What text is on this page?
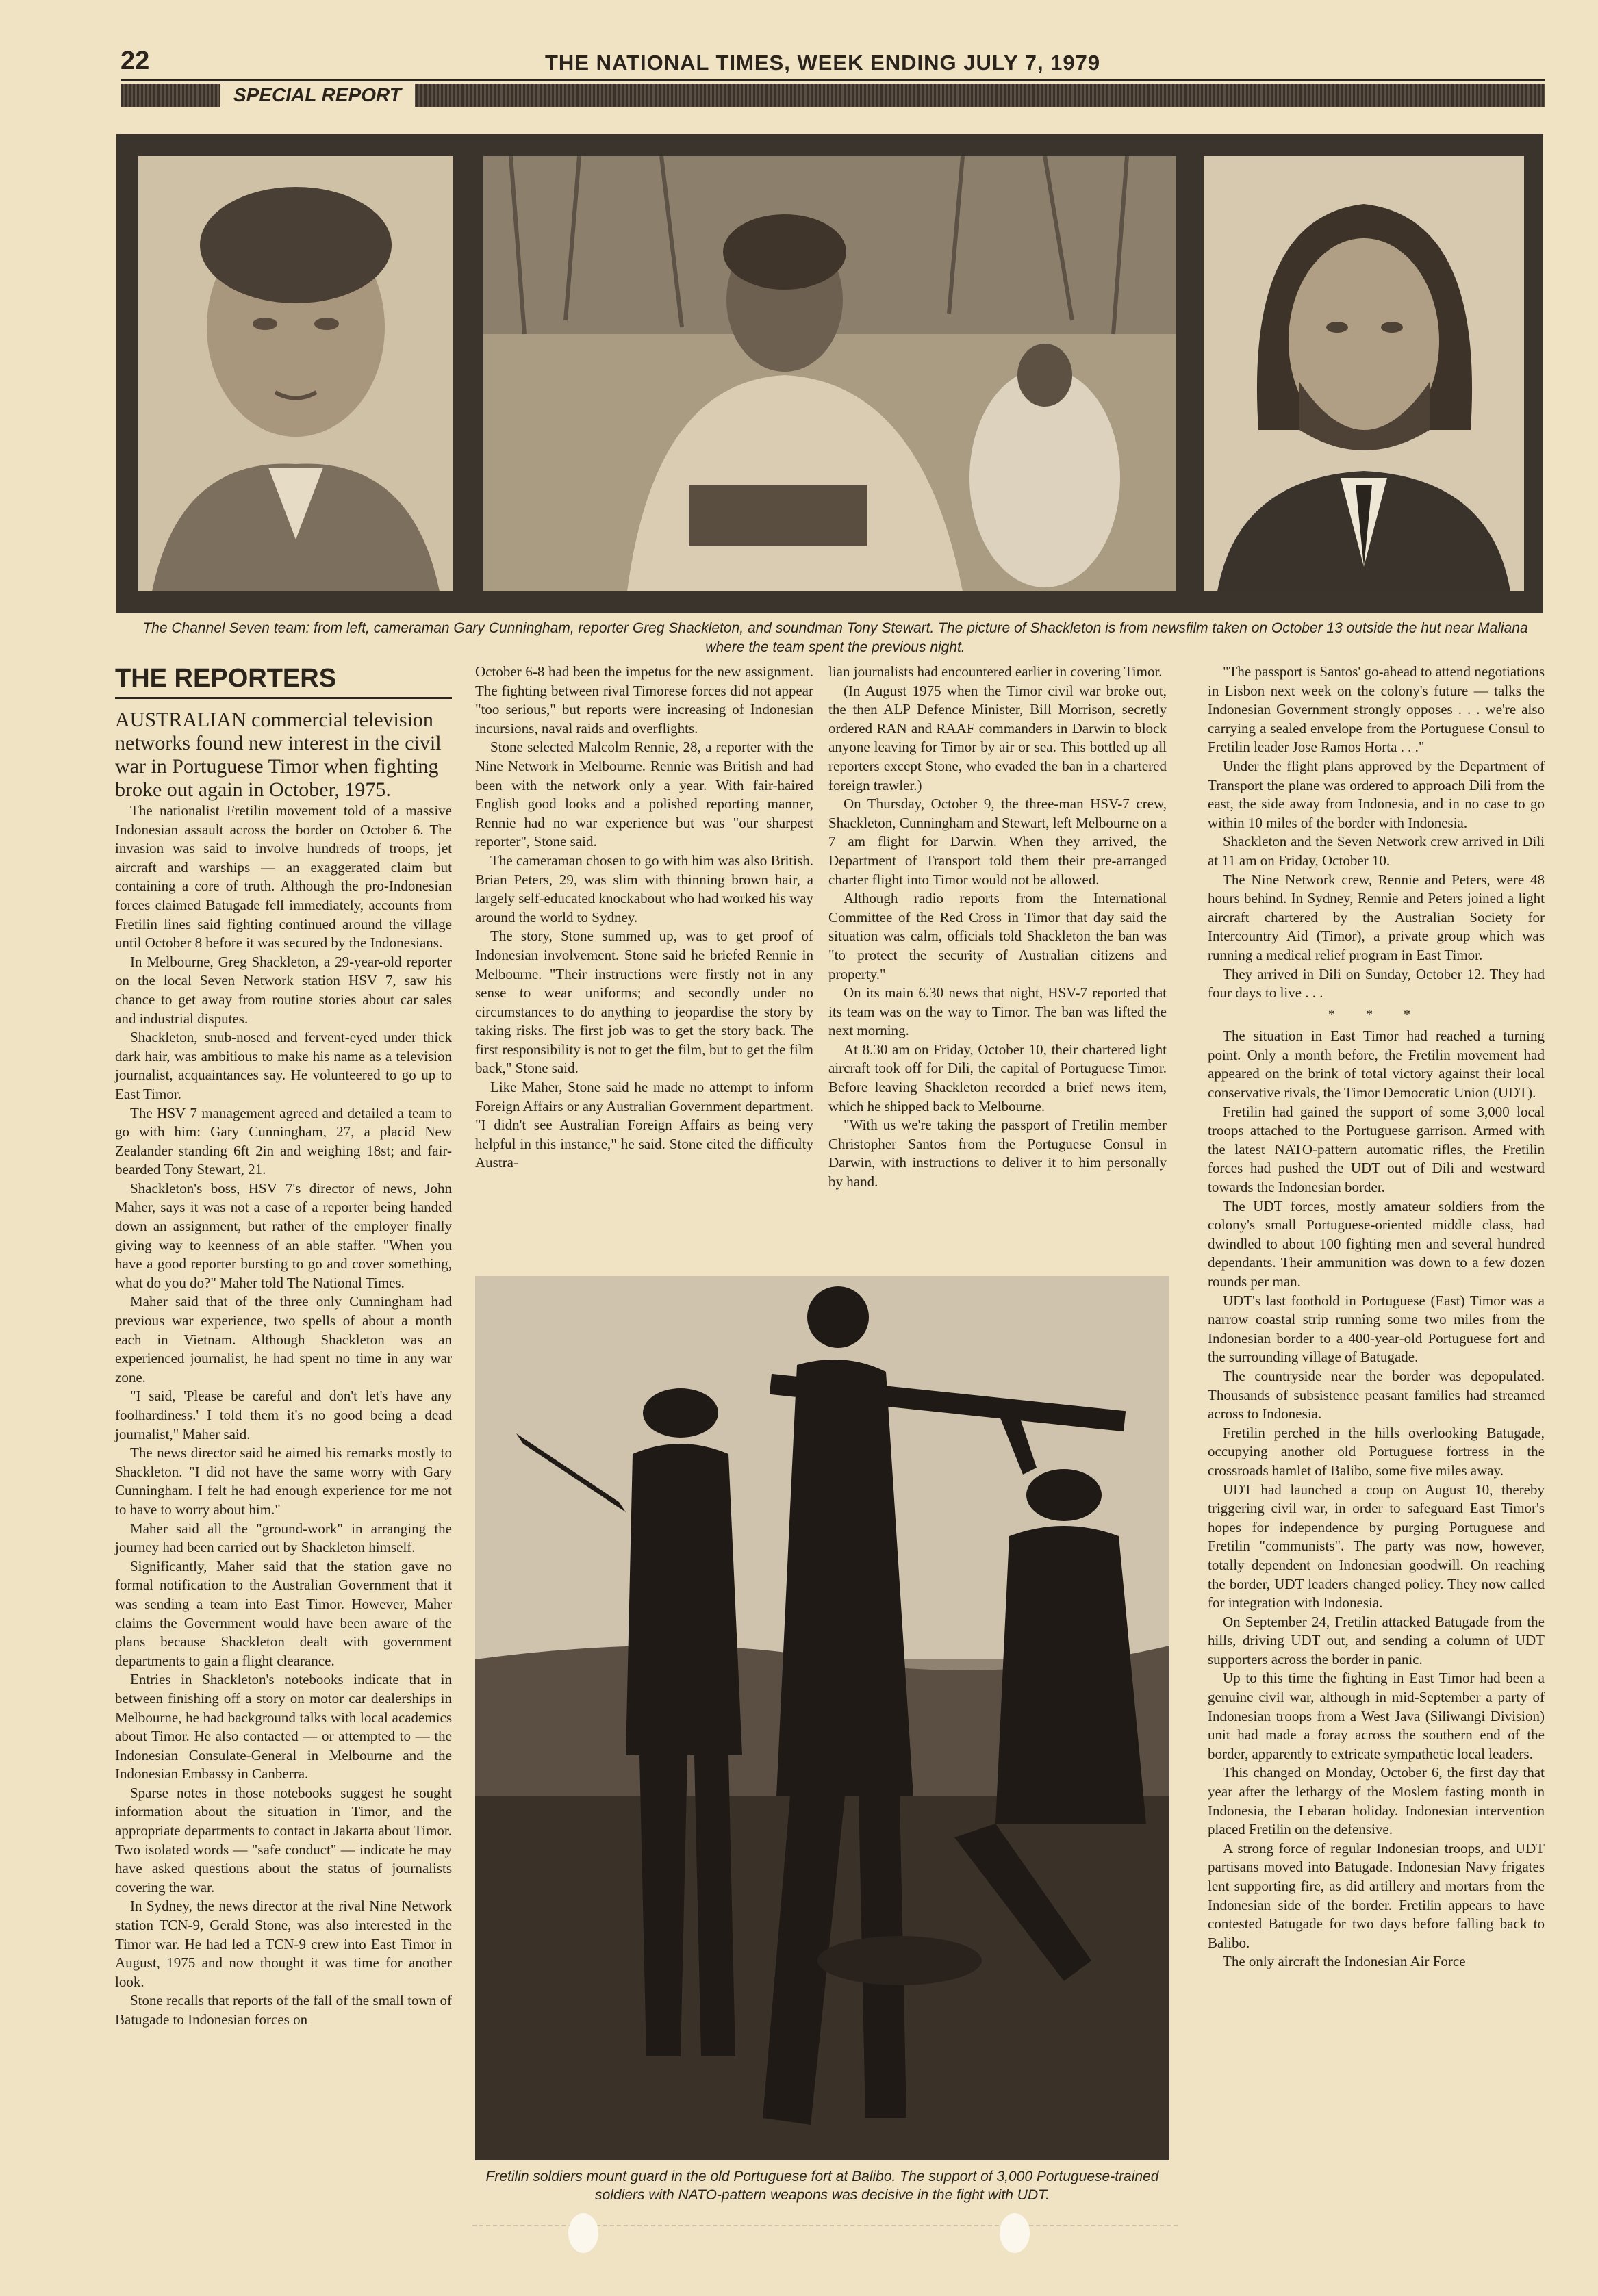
22	THE NATIONAL TIMES, WEEK ENDING JULY 7, 1979
SPECIAL REPORT
The Channel Seven team: from left, cameraman Gary Cunningham, reporter Greg Shackleton, and soundman Tony Stewart. The picture of Shackleton is from newsfilm taken on October 13 outside the hut near Maliana where the team spent the previous night.
THE REPORTERS

AUSTRALIAN commercial television networks found new interest in the civil war in Portuguese Timor when fighting broke out again in October, 1975.

The nationalist Fretilin movement told of a massive Indonesian assault across the border on October 6. The invasion was said to involve hundreds of troops, jet aircraft and warships — an exaggerated claim but containing a core of truth. Although the pro-Indonesian forces claimed Batugade fell immediately, accounts from Fretilin lines said fighting continued around the village until October 8 before it was secured by the Indonesians.

In Melbourne, Greg Shackleton, a 29-year-old reporter on the local Seven Network station HSV 7, saw his chance to get away from routine stories about car sales and industrial disputes.

Shackleton, snub-nosed and fervent-eyed under thick dark hair, was ambitious to make his name as a television journalist, acquaintances say. He volunteered to go up to East Timor.

The HSV 7 management agreed and detailed a team to go with him: Gary Cunningham, 27, a placid New Zealander standing 6ft 2in and weighing 18st; and fair-bearded Tony Stewart, 21.

Shackleton's boss, HSV 7's director of news, John Maher, says it was not a case of a reporter being handed down an assignment, but rather of the employer finally giving way to keenness of an able staffer. "When you have a good reporter bursting to go and cover something, what do you do?" Maher told The National Times.

Maher said that of the three only Cunningham had previous war experience, two spells of about a month each in Vietnam. Although Shackleton was an experienced journalist, he had spent no time in any war zone.

"I said, 'Please be careful and don't let's have any foolhardiness.' I told them it's no good being a dead journalist," Maher said.

The news director said he aimed his remarks mostly to Shackleton. "I did not have the same worry with Gary Cunningham. I felt he had enough experience for me not to have to worry about him."

Maher said all the "ground-work" in arranging the journey had been carried out by Shackleton himself.

Significantly, Maher said that the station gave no formal notification to the Australian Government that it was sending a team into East Timor. However, Maher claims the Government would have been aware of the plans because Shackleton dealt with government departments to gain a flight clearance.

Entries in Shackleton's notebooks indicate that in between finishing off a story on motor car dealerships in Melbourne, he had background talks with local academics about Timor. He also contacted — or attempted to — the Indonesian Consulate-General in Melbourne and the Indonesian Embassy in Canberra.

Sparse notes in those notebooks suggest he sought information about the situation in Timor, and the appropriate departments to contact in Jakarta about Timor. Two isolated words — "safe conduct" — indicate he may have asked questions about the status of journalists covering the war.

In Sydney, the news director at the rival Nine Network station TCN-9, Gerald Stone, was also interested in the Timor war. He had led a TCN-9 crew into East Timor in August, 1975 and now thought it was time for another look.

Stone recalls that reports of the fall of the small town of Batugade to Indonesian forces on

October 6-8 had been the impetus for the new assignment. The fighting between rival Timorese forces did not appear "too serious," but reports were increasing of Indonesian incursions, naval raids and overflights.

Stone selected Malcolm Rennie, 28, a reporter with the Nine Network in Melbourne. Rennie was British and had been with the network only a year. With fair-haired English good looks and a polished reporting manner, Rennie had no war experience but was "our sharpest reporter", Stone said.

The cameraman chosen to go with him was also British. Brian Peters, 29, was slim with thinning brown hair, a largely self-educated knockabout who had worked his way around the world to Sydney.

The story, Stone summed up, was to get proof of Indonesian involvement. Stone said he briefed Rennie in Melbourne. "Their instructions were firstly not in any sense to wear uniforms; and secondly under no circumstances to do anything to jeopardise the story by taking risks. The first job was to get the story back. The first responsibility is not to get the film, but to get the film back," Stone said.

Like Maher, Stone said he made no attempt to inform Foreign Affairs or any Australian Government department. "I didn't see Australian Foreign Affairs as being very helpful in this instance," he said. Stone cited the difficulty Austra-

lian journalists had encountered earlier in covering Timor.

(In August 1975 when the Timor civil war broke out, the then ALP Defence Minister, Bill Morrison, secretly ordered RAN and RAAF commanders in Darwin to block anyone leaving for Timor by air or sea. This bottled up all reporters except Stone, who evaded the ban in a chartered foreign trawler.)

On Thursday, October 9, the three-man HSV-7 crew, Shackleton, Cunningham and Stewart, left Melbourne on a 7 am flight for Darwin. When they arrived, the Department of Transport told them their pre-arranged charter flight into Timor would not be allowed.

Although radio reports from the International Committee of the Red Cross in Timor that day said the situation was calm, officials told Shackleton the ban was "to protect the security of Australian citizens and property."

On its main 6.30 news that night, HSV-7 reported that its team was on the way to Timor. The ban was lifted the next morning.

At 8.30 am on Friday, October 10, their chartered light aircraft took off for Dili, the capital of Portuguese Timor. Before leaving Shackleton recorded a brief news item, which he shipped back to Melbourne.

"With us we're taking the passport of Fretilin member Christopher Santos from the Portuguese Consul in Darwin, with instructions to deliver it to him personally by hand.

Fretilin soldiers mount guard in the old Portuguese fort at Balibo. The support of 3,000 Portuguese-trained soldiers with NATO-pattern weapons was decisive in the fight with UDT.

"The passport is Santos' go-ahead to attend negotiations in Lisbon next week on the colony's future — talks the Indonesian Government strongly opposes . . . we're also carrying a sealed envelope from the Portuguese Consul to Fretilin leader Jose Ramos Horta . . ."

Under the flight plans approved by the Department of Transport the plane was ordered to approach Dili from the east, the side away from Indonesia, and in no case to go within 10 miles of the border with Indonesia.

Shackleton and the Seven Network crew arrived in Dili at 11 am on Friday, October 10.

The Nine Network crew, Rennie and Peters, were 48 hours behind. In Sydney, Rennie and Peters joined a light aircraft chartered by the Australian Society for Intercountry Aid (Timor), a private group which was running a medical relief program in East Timor.

They arrived in Dili on Sunday, October 12. They had four days to live . . .

* * *

The situation in East Timor had reached a turning point. Only a month before, the Fretilin movement had appeared on the brink of total victory against their local conservative rivals, the Timor Democratic Union (UDT).

Fretilin had gained the support of some 3,000 local troops attached to the Portuguese garrison. Armed with the latest NATO-pattern automatic rifles, the Fretilin forces had pushed the UDT out of Dili and westward towards the Indonesian border.

The UDT forces, mostly amateur soldiers from the colony's small Portuguese-oriented middle class, had dwindled to about 100 fighting men and several hundred dependants. Their ammunition was down to a few dozen rounds per man.

UDT's last foothold in Portuguese (East) Timor was a narrow coastal strip running some two miles from the Indonesian border to a 400-year-old Portuguese fort and the surrounding village of Batugade.

The countryside near the border was depopulated. Thousands of subsistence peasant families had streamed across to Indonesia.

Fretilin perched in the hills overlooking Batugade, occupying another old Portuguese fortress in the crossroads hamlet of Balibo, some five miles away.

UDT had launched a coup on August 10, thereby triggering civil war, in order to safeguard East Timor's hopes for independence by purging Portuguese and Fretilin "communists". The party was now, however, totally dependent on Indonesian goodwill. On reaching the border, UDT leaders changed policy. They now called for integration with Indonesia.

On September 24, Fretilin attacked Batugade from the hills, driving UDT out, and sending a column of UDT supporters across the border in panic.

Up to this time the fighting in East Timor had been a genuine civil war, although in mid-September a party of Indonesian troops from a West Java (Siliwangi Division) unit had made a foray across the southern end of the border, apparently to extricate sympathetic local leaders.

This changed on Monday, October 6, the first day that year after the lethargy of the Moslem fasting month in Indonesia, the Lebaran holiday. Indonesian intervention placed Fretilin on the defensive.

A strong force of regular Indonesian troops, and UDT partisans moved into Batugade. Indonesian Navy frigates lent supporting fire, as did artillery and mortars from the Indonesian side of the border. Fretilin appears to have contested Batugade for two days before falling back to Balibo.

The only aircraft the Indonesian Air Force
